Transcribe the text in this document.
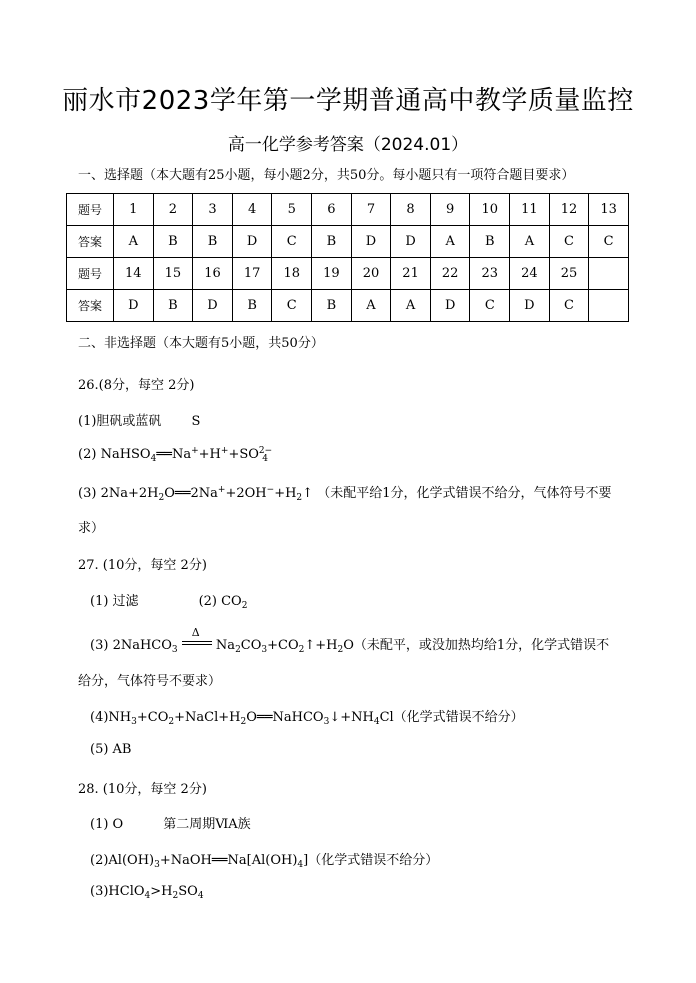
丽水市2023学年第一学期普通高中教学质量监控
高一化学参考答案（2024.01）
一、选择题（本大题有25小题，每小题2分，共50分。每小题只有一项符合题目要求）
题号	1	2	3	4	5	6	7	8	9	10	11	12	13
答案	A	B	B	D	C	B	D	D	A	B	A	C	C
题号	14	15	16	17	18	19	20	21	22	23	24	25	
答案	D	B	D	B	C	B	A	A	D	C	D	C	
二、非选择题（本大题有5小题，共50分）
26.(8分，每空 2分)
(1)胆矾或蓝矾 S
(2) $NaHSO_4══Na^++H^++SO^{2-}_4$
(3) $2Na+2H_2O══2Na^++2OH^-+H_2↑$ （未配平给1分，化学式错误不给分，气体符号不要
求）
27. (10分，每空 2分)
(1) 过滤	(2) $CO_2$
(3) 2NaHCO$_3$
Δ
$Na_2CO_3+CO_2↑+H_2O$（未配平，或没加热均给1分，化学式错误不
给分，气体符号不要求）
$(4)NH_3+CO_2+NaCl+H_2O══NaHCO_3↓+NH_4Cl$（化学式错误不给分）
(5) AB
28. (10分，每空 2分)
(1) O	第二周期ⅥA族
$(2)Al(OH)_3+NaOH══Na[Al(OH)_4]$（化学式错误不给分）
$(3)HClO_4>H_2SO_4$
